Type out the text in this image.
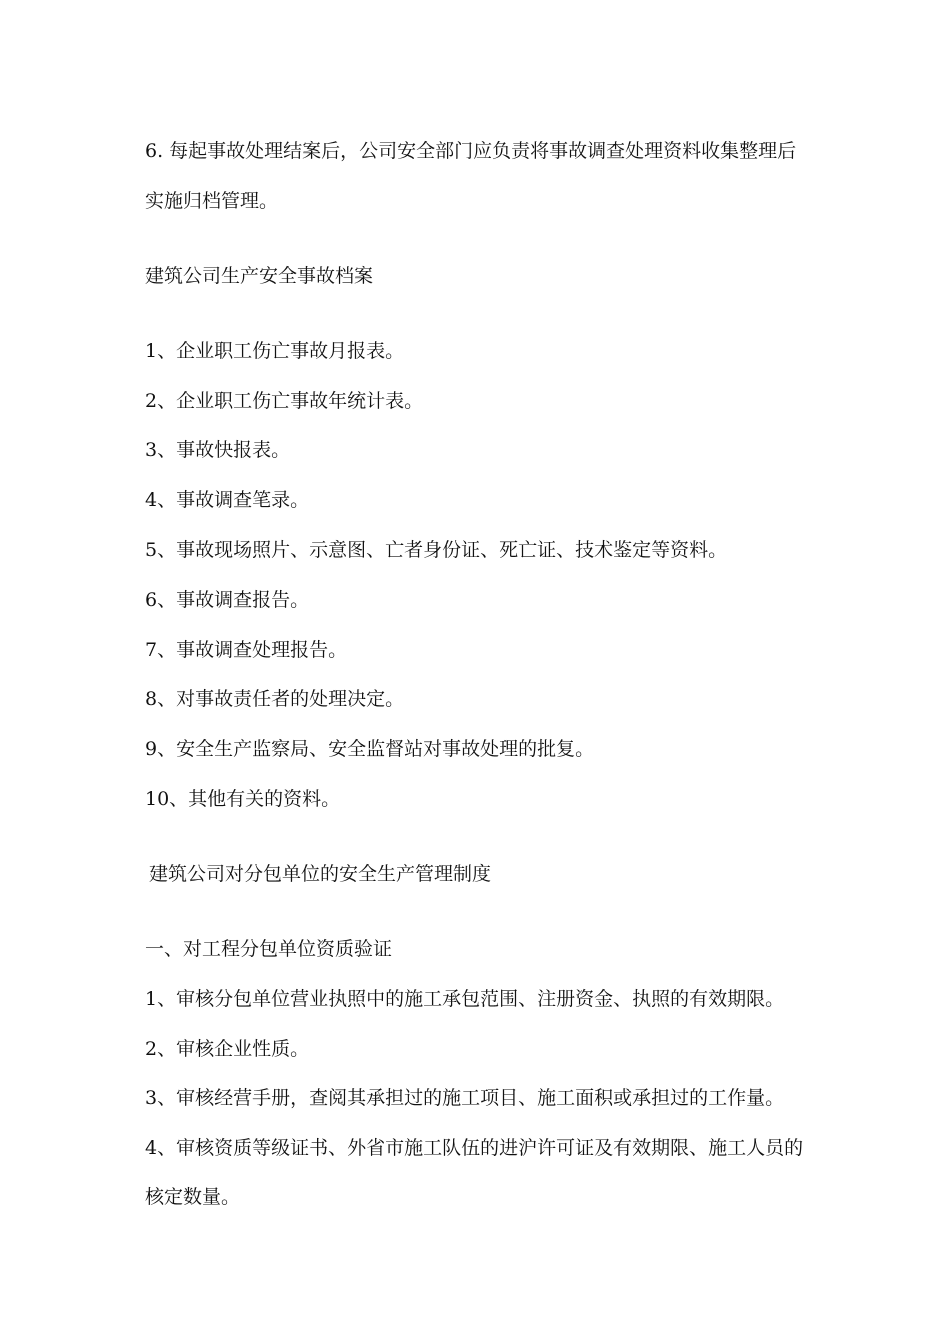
6. 每起事故处理结案后，公司安全部门应负责将事故调查处理资料收集整理后
实施归档管理。
建筑公司生产安全事故档案
1、企业职工伤亡事故月报表。
2、企业职工伤亡事故年统计表。
3、事故快报表。
4、事故调查笔录。
5、事故现场照片、示意图、亡者身份证、死亡证、技术鉴定等资料。
6、事故调查报告。
7、事故调查处理报告。
8、对事故责任者的处理决定。
9、安全生产监察局、安全监督站对事故处理的批复。
10、其他有关的资料。
建筑公司对分包单位的安全生产管理制度
一、对工程分包单位资质验证
1、审核分包单位营业执照中的施工承包范围、注册资金、执照的有效期限。
2、审核企业性质。
3、审核经营手册，查阅其承担过的施工项目、施工面积或承担过的工作量。
4、审核资质等级证书、外省市施工队伍的进沪许可证及有效期限、施工人员的
核定数量。
